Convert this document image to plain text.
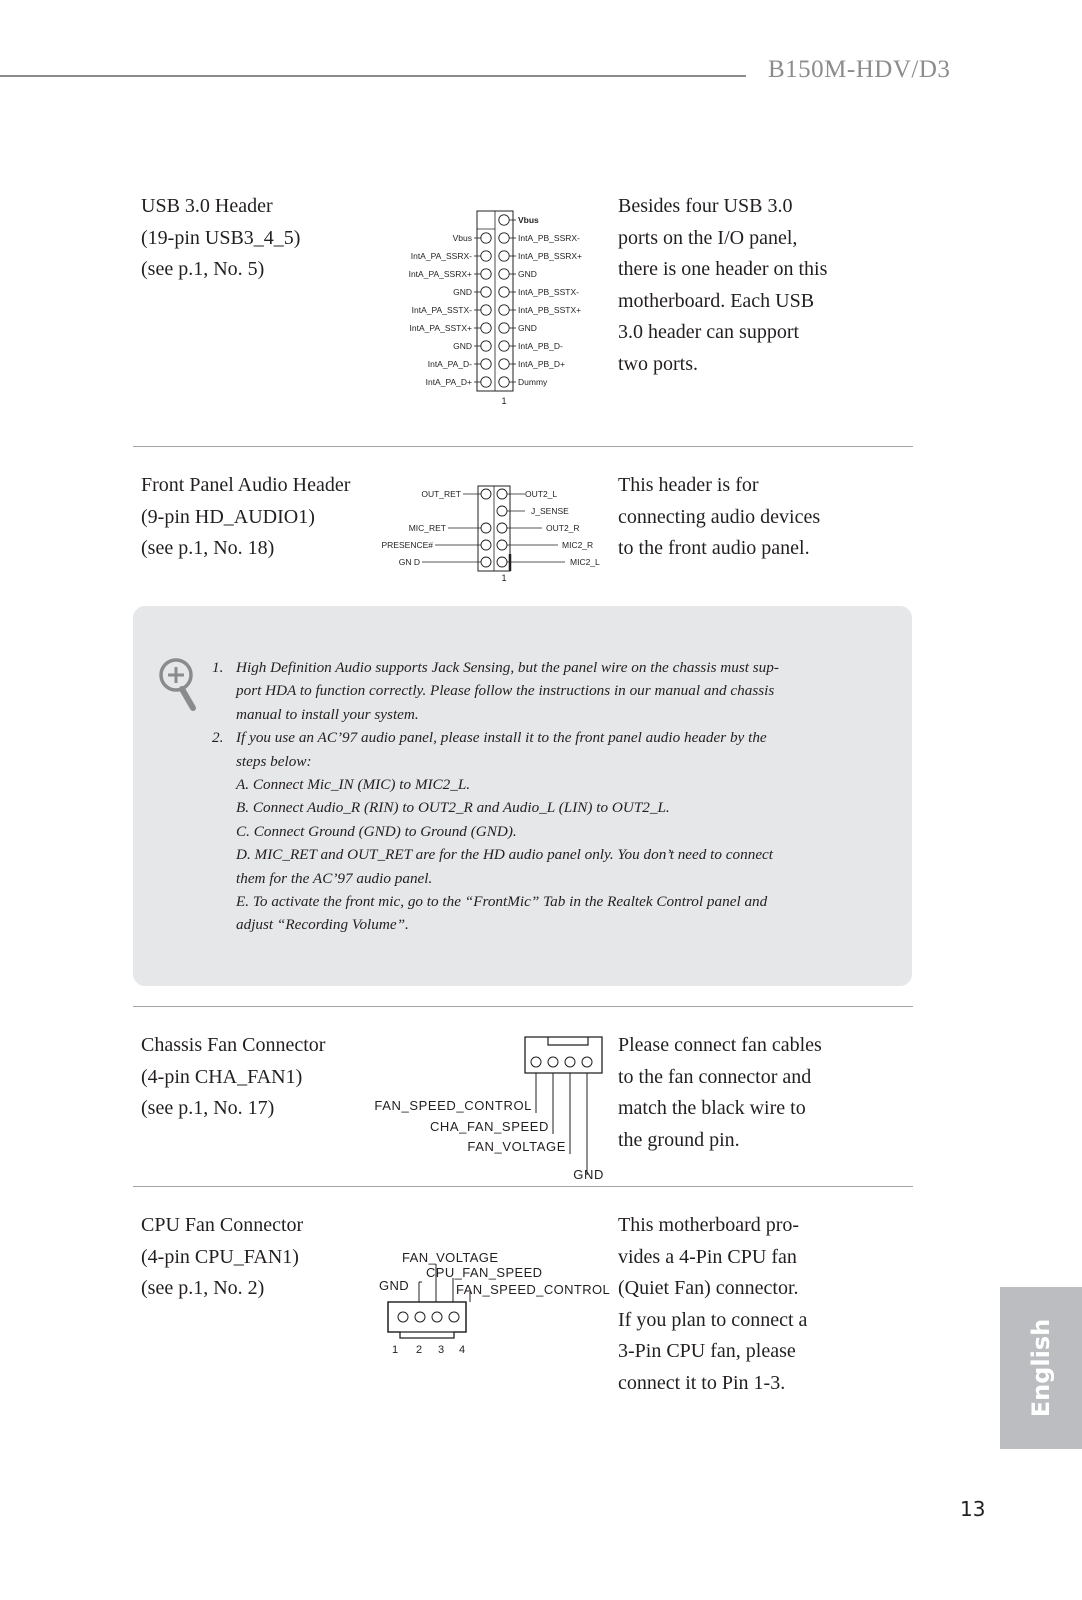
B150M-HDV/D3
USB 3.0 Header
(19-pin USB3_4_5)
(see p.1, No. 5)
Besides four USB 3.0
ports on the I/O panel,
there is one header on this
motherboard. Each USB
3.0 header can support
two ports.
Vbus
IntA_PA_SSRX-
IntA_PA_SSRX+
GND
IntA_PA_SSTX-
IntA_PA_SSTX+
GND
IntA_PA_D-
IntA_PA_D+
Vbus
IntA_PB_SSRX-
IntA_PB_SSRX+
GND
IntA_PB_SSTX-
IntA_PB_SSTX+
GND
IntA_PB_D-
IntA_PB_D+
Dummy
1
Front Panel Audio Header
(9-pin HD_AUDIO1)
(see p.1, No. 18)
This header is for
connecting audio devices
to the front audio panel.
OUT_RET
MIC_RET
PRESENCE#
GN D
OUT2_L
J_SENSE
OUT2_R
MIC2_R
MIC2_L
1
1. High Definition Audio supports Jack Sensing, but the panel wire on the chassis must sup-
port HDA to function correctly. Please follow the instructions in our manual and chassis
manual to install your system.
2. If you use an AC’97 audio panel, please install it to the front panel audio header by the
steps below:
A. Connect Mic_IN (MIC) to MIC2_L.
B. Connect Audio_R (RIN) to OUT2_R and Audio_L (LIN) to OUT2_L.
C. Connect Ground (GND) to Ground (GND).
D. MIC_RET and OUT_RET are for the HD audio panel only. You don’t need to connect
them for the AC’97 audio panel.
E. To activate the front mic, go to the “FrontMic” Tab in the Realtek Control panel and
adjust “Recording Volume”.
Chassis Fan Connector
(4-pin CHA_FAN1)
(see p.1, No. 17)
Please connect fan cables
to the fan connector and
match the black wire to
the ground pin.
FAN_SPEED_CONTROL
CHA_FAN_SPEED
FAN_VOLTAGE
GND
CPU Fan Connector
(4-pin CPU_FAN1)
(see p.1, No. 2)
This motherboard pro-
vides a 4-Pin CPU fan
(Quiet Fan) connector.
If you plan to connect a
3-Pin CPU fan, please
connect it to Pin 1-3.
GND
FAN_VOLTAGE
CPU_FAN_SPEED
FAN_SPEED_CONTROL
1 2 3 4	English
13
